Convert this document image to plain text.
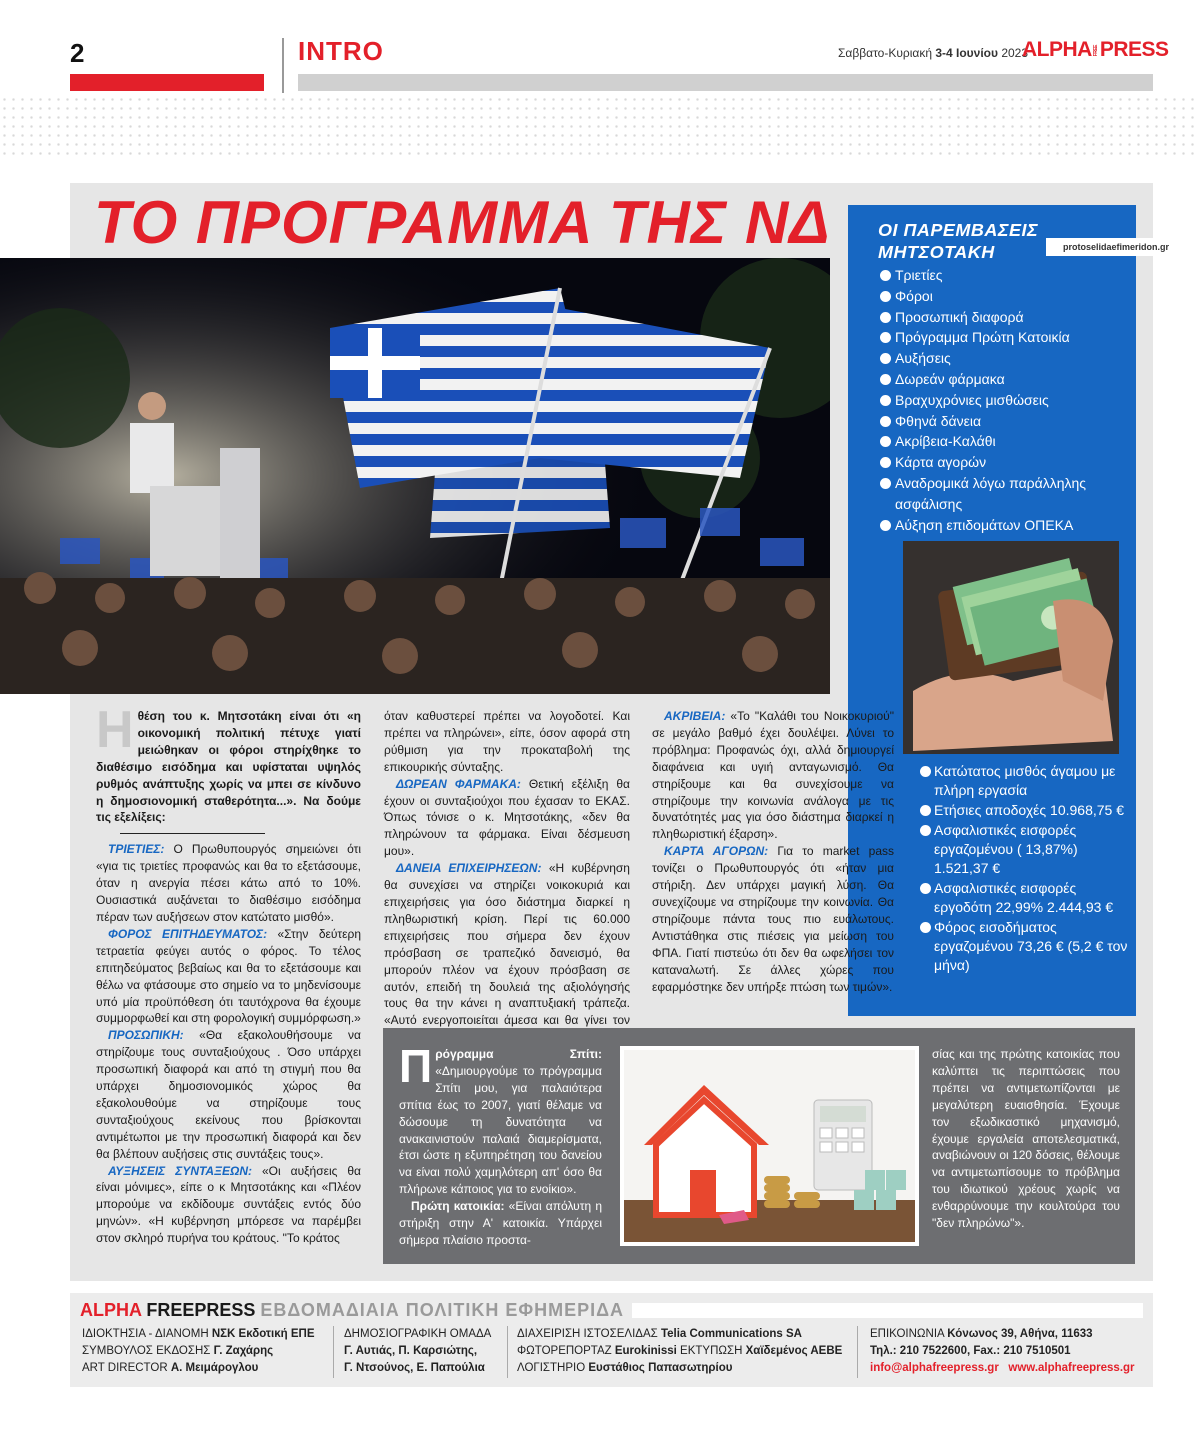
2	INTRO	Σαββατο-Κυριακή 3-4 Ιουνίου 2023
ALPHAFREEPRESS
ΤΟ ΠΡΟΓΡΑΜΜΑ ΤΗΣ ΝΔ	ΟΙ ΠΑΡΕΜΒΑΣΕΙΣ
ΜΗΤΣΟΤΑΚΗ	protoselidaefimeridon.gr
Τριετίες
Φόροι
Προσωπική διαφορά
Πρόγραμμα Πρώτη Κατοικία
Αυξήσεις
Δωρεάν φάρμακα
Βραχυχρόνιες μισθώσεις
Φθηνά δάνεια
Ακρίβεια-Καλάθι
Κάρτα αγορών
Αναδρομικά λόγω παράλληλης ασφάλισης
Αύξηση επιδομάτων ΟΠΕΚΑ
Κατώτατος μισθός άγαμου με πλήρη εργασία
Ετήσιες αποδοχές 10.968,75 €
Ασφαλιστικές εισφορές εργαζομένου ( 13,87%) 1.521,37 €
Ασφαλιστικές εισφορές εργοδότη 22,99% 2.444,93 €
Φόρος εισοδήματος εργαζομένου 73,26 € (5,2 € τον μήνα)

Ηθέση του κ. Μητσοτάκη είναι ότι «η οικονομική πολιτική πέτυχε γιατί μειώθηκαν οι φόροι στηρίχθηκε το διαθέσιμο εισόδημα και υφίσταται υψηλός ρυθμός ανάπτυξης χωρίς να μπει σε κίνδυνο η δημοσιονομική σταθερότητα...». Να δούμε τις εξελίξεις:

ΤΡΙΕΤΙΕΣ: Ο Πρωθυπουργός σημειώνει ότι «για τις τριετίες προφανώς και θα το εξετάσουμε, όταν η ανεργία πέσει κάτω από το 10%. Ουσιαστικά αυξάνεται το διαθέσιμο εισόδημα πέραν των αυξήσεων στον κατώτατο μισθό».

ΦΟΡΟΣ ΕΠΙΤΗΔΕΥΜΑΤΟΣ: «Στην δεύτερη τετραετία φεύγει αυτός ο φόρος. Το τέλος επιτηδεύματος βεβαίως και θα το εξετάσουμε και θέλω να φτάσουμε στο σημείο να το μηδενίσουμε υπό μία προϋπόθεση ότι ταυτόχρονα θα έχουμε συμμορφωθεί και στη φορολογική συμμόρφωση.»

ΠΡΟΣΩΠΙΚΗ: «Θα εξακολουθήσουμε να στηρίζουμε τους συνταξιούχους . Όσο υπάρχει προσωπική διαφορά και από τη στιγμή που θα υπάρχει δημοσιονομικός χώρος θα εξακολουθούμε να στηρίζουμε τους συνταξιούχους εκείνους που βρίσκονται αντιμέτωποι με την προσωπική διαφορά και δεν θα βλέπουν αυξήσεις στις συντάξεις τους».

ΑΥΞΗΣΕΙΣ ΣΥΝΤΑΞΕΩΝ: «Οι αυξήσεις θα είναι μόνιμες», είπε ο κ Μητσοτάκης και «Πλέον μπορούμε να εκδίδουμε συντάξεις εντός δύο μηνών». «Η κυβέρνηση μπόρεσε να παρέμβει στον σκληρό πυρήνα του κράτους. "Το κράτος

όταν καθυστερεί πρέπει να λογοδοτεί. Και πρέπει να πληρώνει», είπε, όσον αφορά στη ρύθμιση για την προκαταβολή της επικουρικής σύνταξης.

ΔΩΡΕΑΝ ΦΑΡΜΑΚΑ: Θετική εξέλιξη θα έχουν οι συνταξιούχοι που έχασαν το ΕΚΑΣ. Όπως τόνισε ο κ. Μητσοτάκης, «δεν θα πληρώνουν τα φάρμακα. Είναι δέσμευση μου».

ΔΑΝΕΙΑ ΕΠΙΧΕΙΡΗΣΕΩΝ: «Η κυβέρνηση θα συνεχίσει να στηρίζει νοικοκυριά και επιχειρήσεις για όσο διάστημα διαρκεί η πληθωριστική κρίση. Περί τις 60.000 επιχειρήσεις που σήμερα δεν έχουν πρόσβαση σε τραπεζικό δανεισμό, θα μπορούν πλέον να έχουν πρόσβαση σε αυτόν, επειδή τη δουλειά της αξιολόγησής τους θα την κάνει η αναπτυξιακή τράπεζα. «Αυτό ενεργοποιείται άμεσα και θα γίνει τον

ΑΚΡΙΒΕΙΑ: «Το "Καλάθι του Νοικοκυριού" σε μεγάλο βαθμό έχει δουλέψει. Λύνει το πρόβλημα: Προφανώς όχι, αλλά δημιουργεί διαφάνεια και υγιή ανταγωνισμό. Θα στηρίξουμε και θα συνεχίσουμε να στηρίζουμε την κοινωνία ανάλογα με τις δυνατότητές μας για όσο διάστημα διαρκεί η πληθωριστική έξαρση».

ΚΑΡΤΑ ΑΓΟΡΩΝ: Για το market pass τονίζει ο Πρωθυπουργός ότι «ήταν μια στήριξη. Δεν υπάρχει μαγική λύση. Θα συνεχίζουμε να στηρίζουμε την κοινωνία. Θα στηρίζουμε πάντα τους πιο ευάλωτους. Αντιστάθηκα στις πιέσεις για μείωση του ΦΠΑ. Γιατί πιστεύω ότι δεν θα ωφελήσει τον καταναλωτή. Σε άλλες χώρες που εφαρμόστηκε δεν υπήρξε πτώση των τιμών».

Πρόγραμμα Σπίτι: «Δημιουργούμε το πρόγραμμα Σπίτι μου, για παλαιότερα σπίτια έως το 2007, γιατί θέλαμε να δώσουμε τη δυνατότητα να ανακαινιστούν παλαιά διαμερίσματα, έτσι ώστε η εξυπηρέτηση του δανείου να είναι πολύ χαμηλότερη απ' όσο θα πλήρωνε κάποιος για το ενοίκιο».

Πρώτη κατοικία: «Είναι απόλυτη η στήριξη στην Α' κατοικία. Υπάρχει σήμερα πλαίσιο προστα-

σίας και της πρώτης κατοικίας που καλύπτει τις περιπτώσεις που πρέπει να αντιμετωπίζονται με μεγαλύτερη ευαισθησία. Έχουμε τον εξωδικαστικό μηχανισμό, έχουμε εργαλεία αποτελεσματικά, αναβιώνουν οι 120 δόσεις, θέλουμε να αντιμετωπίσουμε το πρόβλημα του ιδιωτικού χρέους χωρίς να ενθαρρύνουμε την κουλτούρα του "δεν πληρώνω"».

ALPHA FREEPRESS ΕΒΔΟΜΑΔΙΑΙΑ ΠΟΛΙΤΙΚΗ ΕΦΗΜΕΡΙΔΑ
ΙΔΙΟΚΤΗΣΙΑ - ΔΙΑΝΟΜΗ ΝΣΚ Εκδοτική ΕΠΕ
ΣΥΜΒΟΥΛΟΣ ΕΚΔΟΣΗΣ Γ. Ζαχάρης
ART DIRECTOR Α. Μειμάρογλου
ΔΗΜΟΣΙΟΓΡΑΦΙΚΗ ΟΜΑΔΑ
Γ. Αυτιάς, Π. Καρσιώτης,
Γ. Ντσούνος, Ε. Παπούλια
ΔΙΑΧΕΙΡΙΣΗ ΙΣΤΟΣΕΛΙΔΑΣ Telia Communications SA
ΦΩΤΟΡΕΠΟΡΤΑΖ Eurokinissi ΕΚΤΥΠΩΣΗ Χαϊδεμένος ΑΕΒΕ
ΛΟΓΙΣΤΗΡΙΟ Ευστάθιος Παπασωτηρίου
ΕΠΙΚΟΙΝΩΝΙΑ Κόνωνος 39, Αθήνα, 11633
Τηλ.: 210 7522600, Fax.: 210 7510501
info@alphafreepress.gr www.alphafreepress.gr
